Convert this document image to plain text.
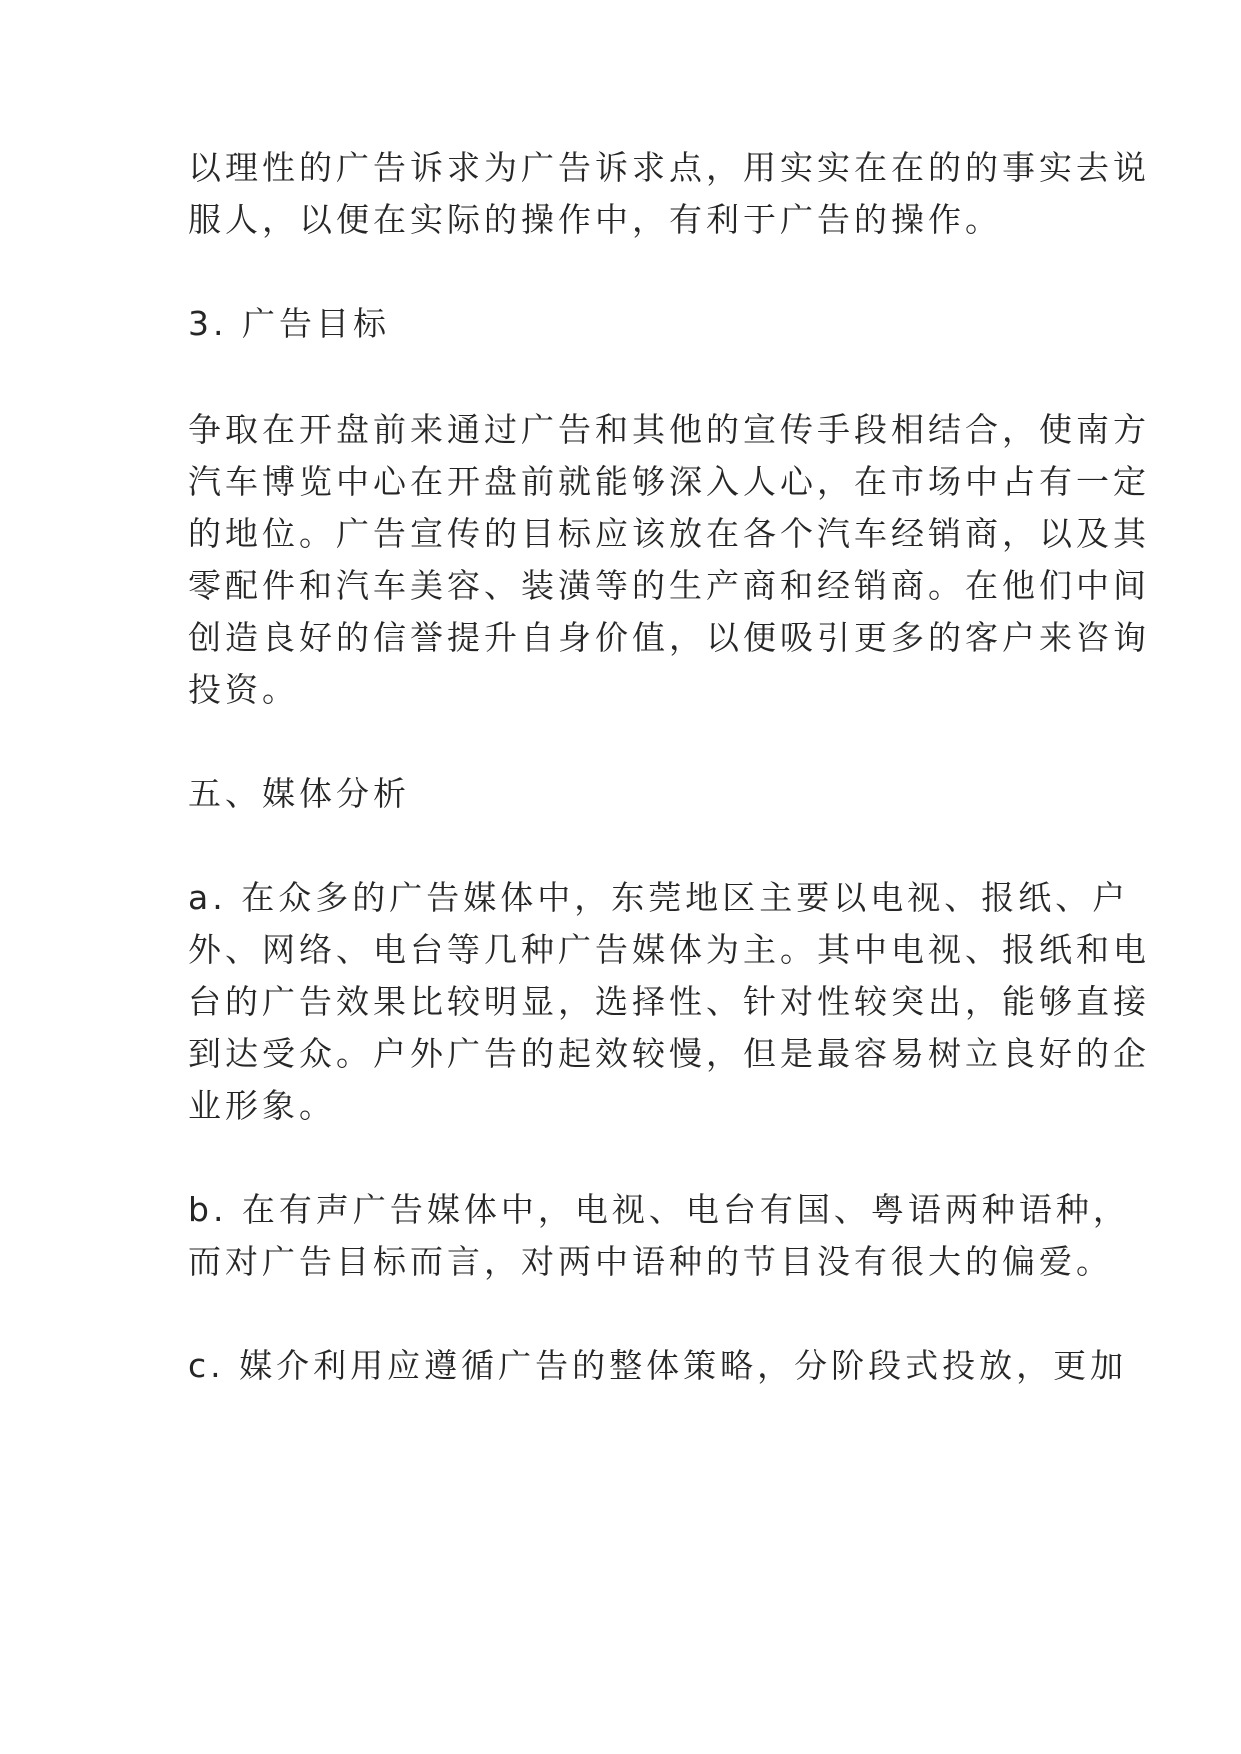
以理性的广告诉求为广告诉求点，用实实在在的的事实去说
服人，以便在实际的操作中，有利于广告的操作。
3. 广告目标
争取在开盘前来通过广告和其他的宣传手段相结合，使南方
汽车博览中心在开盘前就能够深入人心，在市场中占有一定
的地位。广告宣传的目标应该放在各个汽车经销商，以及其
零配件和汽车美容、装潢等的生产商和经销商。在他们中间
创造良好的信誉提升自身价值，以便吸引更多的客户来咨询
投资。
五、媒体分析
a. 在众多的广告媒体中，东莞地区主要以电视、报纸、户
外、网络、电台等几种广告媒体为主。其中电视、报纸和电
台的广告效果比较明显，选择性、针对性较突出，能够直接
到达受众。户外广告的起效较慢，但是最容易树立良好的企
业形象。
b. 在有声广告媒体中，电视、电台有国、粤语两种语种，
而对广告目标而言，对两中语种的节目没有很大的偏爱。
c. 媒介利用应遵循广告的整体策略，分阶段式投放，更加
